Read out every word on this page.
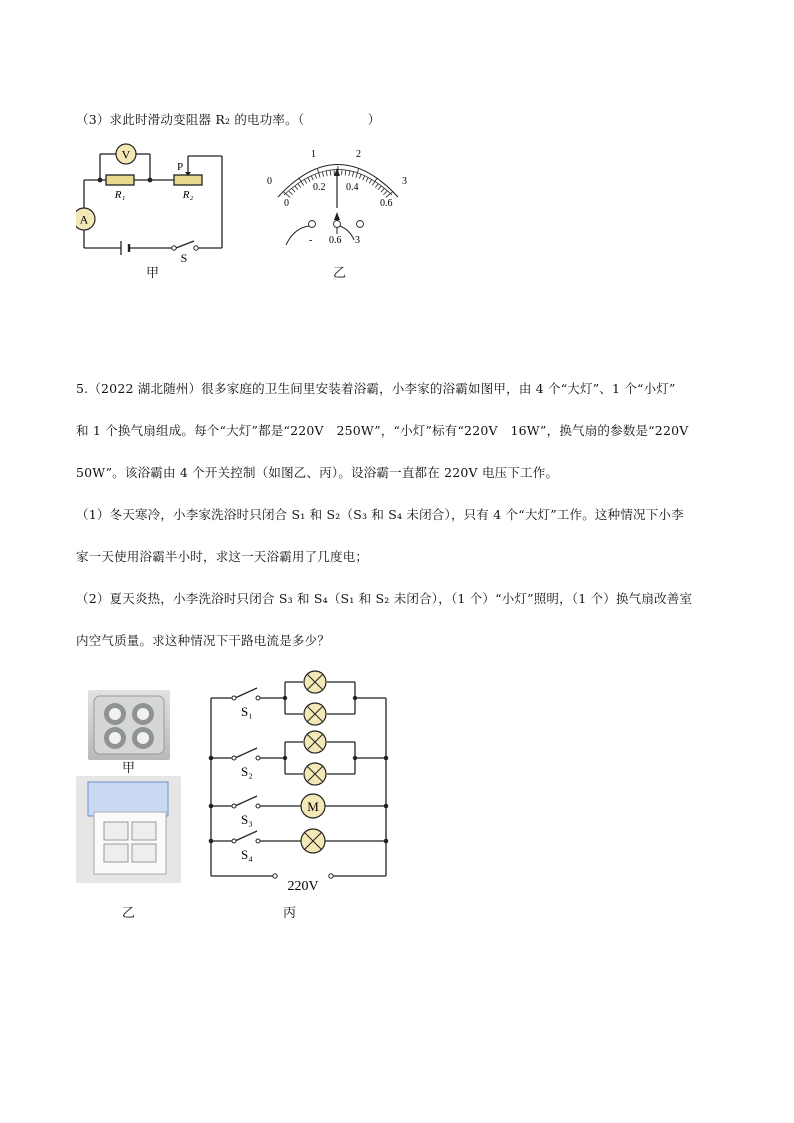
（3）求此时滑动变阻器 R₂ 的电功率。（　　　　　）
V
A
R₁	R₂
P
S
甲
0
1	2
3
0
0.2 0.4
0.6
- 0.6 3
乙
5.（2022 湖北随州）很多家庭的卫生间里安装着浴霸，小李家的浴霸如图甲，由 4 个“大灯”、1 个“小灯”
和 1 个换气扇组成。每个“大灯”都是“220V　250W”，“小灯”标有“220V　16W”，换气扇的参数是“220V
50W”。该浴霸由 4 个开关控制（如图乙、丙）。设浴霸一直都在 220V 电压下工作。
（1）冬天寒冷，小李家洗浴时只闭合 S₁ 和 S₂（S₃ 和 S₄ 未闭合），只有 4 个“大灯”工作。这种情况下小李
家一天使用浴霸半小时，求这一天浴霸用了几度电；
（2）夏天炎热，小李洗浴时只闭合 S₃ 和 S₄（S₁ 和 S₂ 未闭合），（1 个）“小灯”照明，（1 个）换气扇改善室
内空气质量。求这种情况下干路电流是多少？
甲
乙
M
S₁
S₂
S₃
S₄
220V
丙
